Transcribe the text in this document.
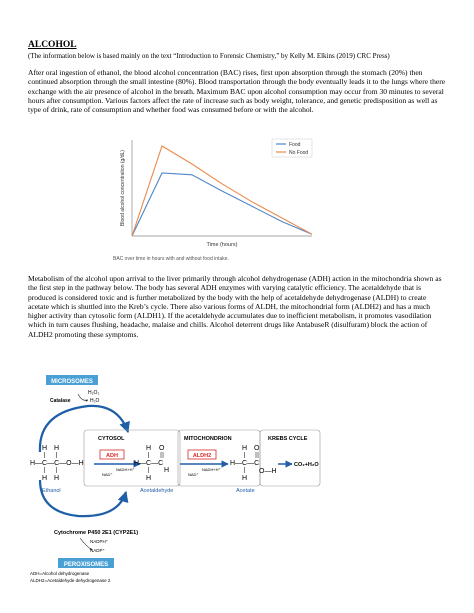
ALCOHOL
(The information below is based mainly on the text “Introduction to Forensic Chemistry,” by Kelly M. Elkins (2019) CRC Press)
After oral ingestion of ethanol, the blood alcohol concentration (BAC) rises, first upon absorption through the stomach (20%) then continued absorption through the small intestine (80%). Blood transportation through the body eventually leads it to the lungs where there exchange with the air presence of alcohol in the breath. Maximum BAC upon alcohol consumption may occur from 30 minutes to several hours after consumption. Various factors affect the rate of increase such as body weight, tolerance, and genetic predisposition as well as type of drink, rate of consumption and whether food was consumed before or with the alcohol.
Blood alcohol concentration (g/dL)
Time (hours)
Food
No Food
BAC over time in hours with and without food intake.
Metabolism of the alcohol upon arrival to the liver primarily through alcohol dehydrogenase (ADH) action in the mitochondria shown as the first step in the pathway below. The body has several ADH enzymes with varying catalytic efficiency. The acetaldehyde that is produced is considered toxic and is further metabolized by the body with the help of acetaldehyde dehydrogenase (ALDH) to create acetate which is shuttled into the Kreb’s cycle. There also various forms of ALDH, the mitochondrial form (ALDH2) and has a much higher activity than cytosolic form (ALDH1). If the acetaldehyde accumulates due to inefficient metabolism, it promotes vasodilation which in turn causes flushing, headache, malaise and chills. Alcohol deterrent drugs like AntabuseR (disulfuram) block the action of ALDH2 promoting these symptoms.
MICROSOMES
H₂O₂
Catalase	H₂O
CYTOSOL	MITOCHONDRION	KREBS CYCLE
H H
H—C—C—O—H
H H
Ethanol
ADH
NAD⁺
NADH+H⁺
H O
H—C—C
H
H
Acetaldehyde
ALDH2
NAD⁺
NADH+H⁺
H O
H—C—C
H
O—H
Acetate
CO₂+H₂O
Cytochrome P450 2E1 (CYP2E1)
NADPH⁺
NADP⁺
PEROXISOMES
ADH=Alcohol dehydrogenase
ALDH2=Acetaldehyde dehydrogenase 2
